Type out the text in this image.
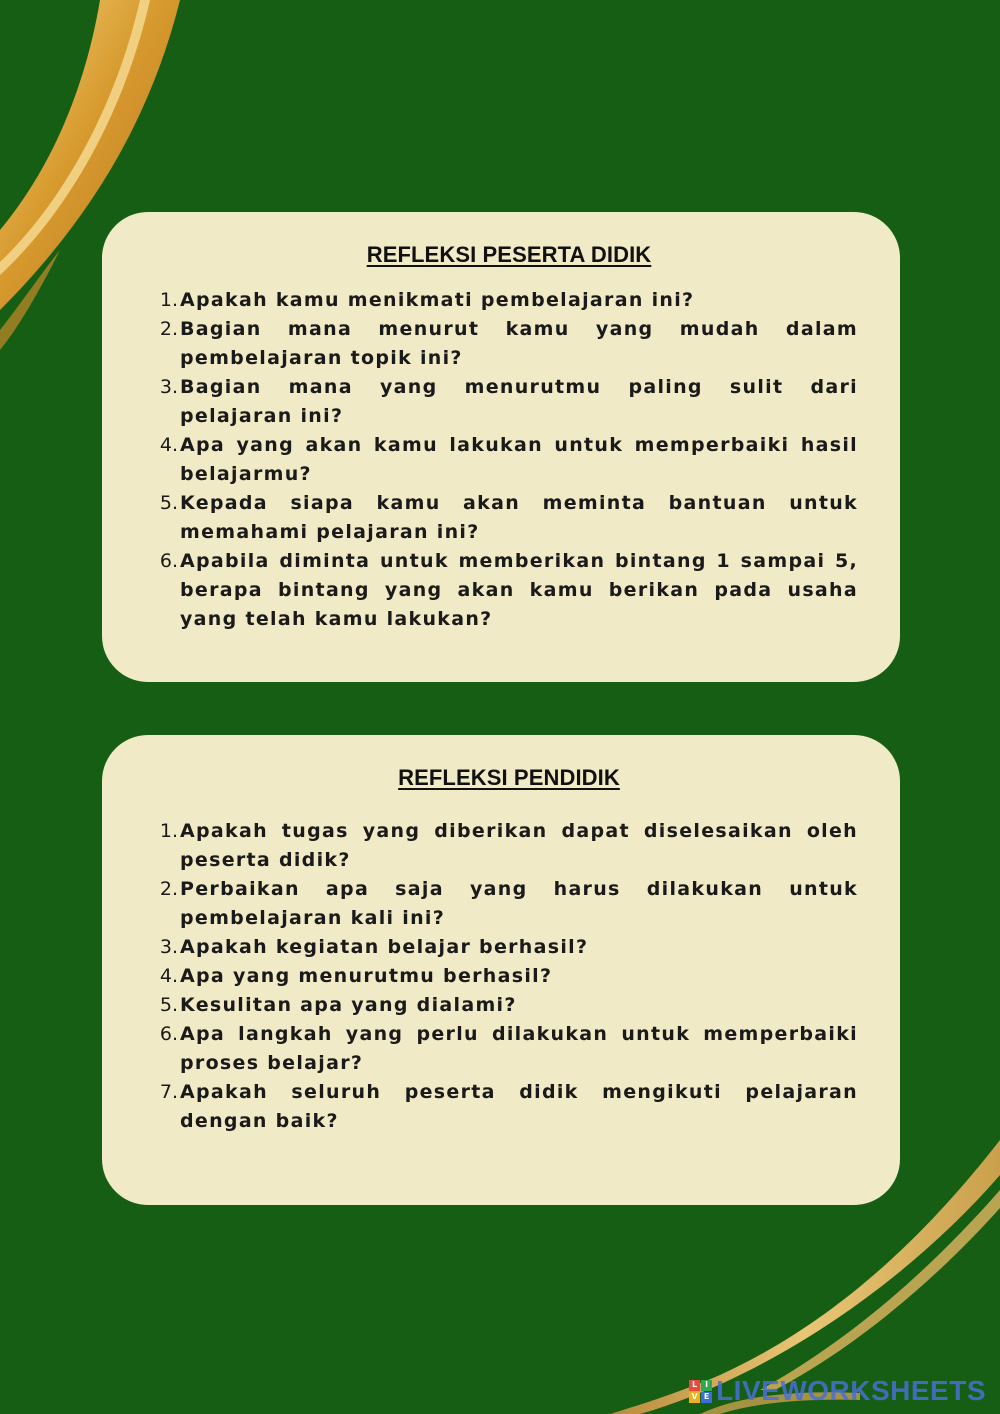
REFLEKSI PESERTA DIDIK
1. Apakah kamu menikmati pembelajaran ini?
2. Bagian mana menurut kamu yang mudah dalam pembelajaran topik ini?
3. Bagian mana yang menurutmu paling sulit dari pelajaran ini?
4. Apa yang akan kamu lakukan untuk memperbaiki hasil belajarmu?
5. Kepada siapa kamu akan meminta bantuan untuk memahami pelajaran ini?
6. Apabila diminta untuk memberikan bintang 1 sampai 5, berapa bintang yang akan kamu berikan pada usaha yang telah kamu lakukan?
REFLEKSI PENDIDIK
1. Apakah tugas yang diberikan dapat diselesaikan oleh peserta didik?
2. Perbaikan apa saja yang harus dilakukan untuk pembelajaran kali ini?
3. Apakah kegiatan belajar berhasil?
4. Apa yang menurutmu berhasil?
5. Kesulitan apa yang dialami?
6. Apa langkah yang perlu dilakukan untuk memperbaiki proses belajar?
7. Apakah seluruh peserta didik mengikuti pelajaran dengan baik?
L I
V E LIVEWORKSHEETS
